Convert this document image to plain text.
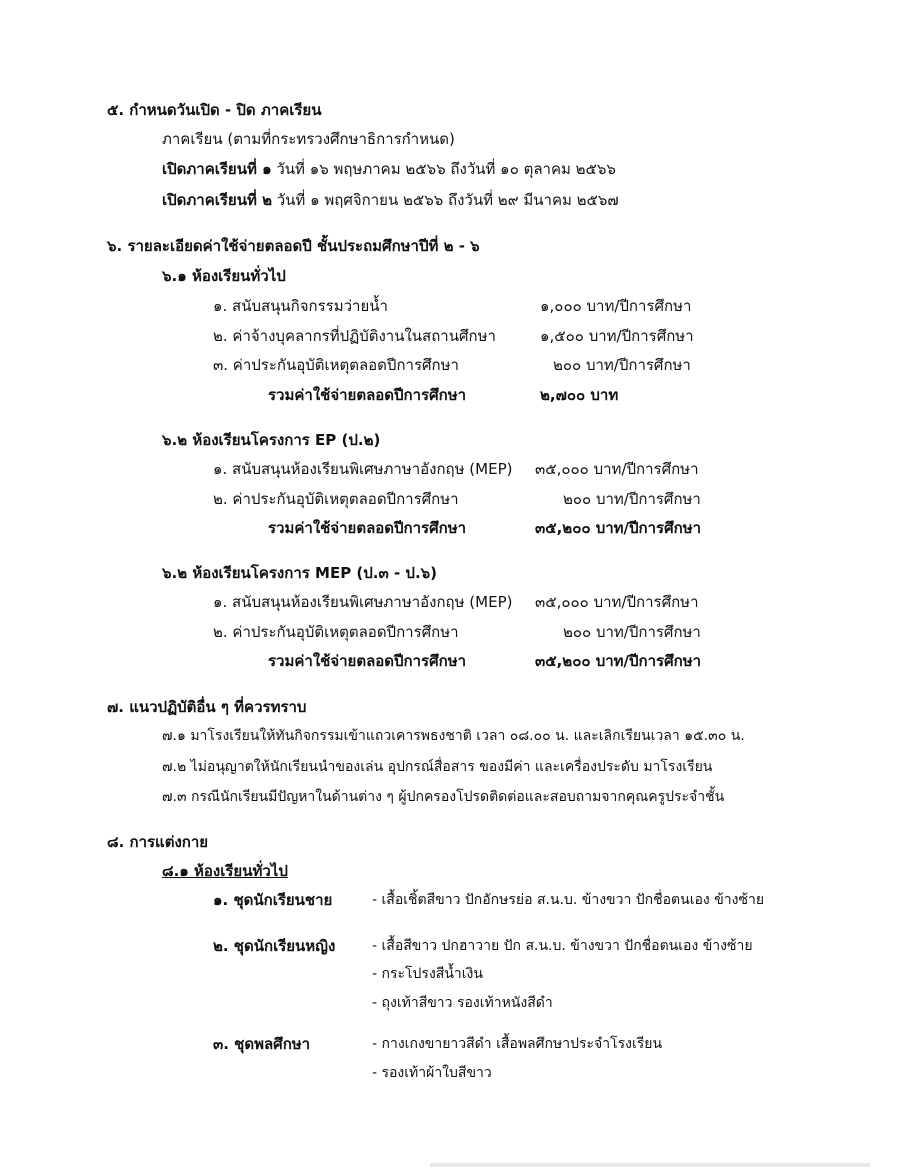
๕. กำหนดวันเปิด - ปิด ภาคเรียน
ภาคเรียน (ตามที่กระทรวงศึกษาธิการกำหนด)
เปิดภาคเรียนที่ ๑ วันที่ ๑๖ พฤษภาคม ๒๕๖๖ ถึงวันที่ ๑๐ ตุลาคม ๒๕๖๖
เปิดภาคเรียนที่ ๒ วันที่ ๑ พฤศจิกายน ๒๕๖๖ ถึงวันที่ ๒๙ มีนาคม ๒๕๖๗
๖. รายละเอียดค่าใช้จ่ายตลอดปี ชั้นประถมศึกษาปีที่ ๒ - ๖
๖.๑ ห้องเรียนทั่วไป
๑. สนับสนุนกิจกรรมว่ายน้ำ	๑,๐๐๐ บาท/ปีการศึกษา
๒. ค่าจ้างบุคลากรที่ปฏิบัติงานในสถานศึกษา	๑,๕๐๐ บาท/ปีการศึกษา
๓. ค่าประกันอุบัติเหตุตลอดปีการศึกษา	๒๐๐ บาท/ปีการศึกษา
รวมค่าใช้จ่ายตลอดปีการศึกษา	๒,๗๐๐ บาท
๖.๒ ห้องเรียนโครงการ EP (ป.๒)
๑. สนับสนุนห้องเรียนพิเศษภาษาอังกฤษ (MEP) ๓๕,๐๐๐ บาท/ปีการศึกษา
๒. ค่าประกันอุบัติเหตุตลอดปีการศึกษา	๒๐๐ บาท/ปีการศึกษา
รวมค่าใช้จ่ายตลอดปีการศึกษา	๓๕,๒๐๐ บาท/ปีการศึกษา
๖.๒ ห้องเรียนโครงการ MEP (ป.๓ - ป.๖)
๑. สนับสนุนห้องเรียนพิเศษภาษาอังกฤษ (MEP) ๓๕,๐๐๐ บาท/ปีการศึกษา
๒. ค่าประกันอุบัติเหตุตลอดปีการศึกษา	๒๐๐ บาท/ปีการศึกษา
รวมค่าใช้จ่ายตลอดปีการศึกษา	๓๕,๒๐๐ บาท/ปีการศึกษา
๗. แนวปฏิบัติอื่น ๆ ที่ควรทราบ
๗.๑ มาโรงเรียนให้ทันกิจกรรมเข้าแถวเคารพธงชาติ เวลา ๐๘.๐๐ น. และเลิกเรียนเวลา ๑๕.๓๐ น.
๗.๒ ไม่อนุญาตให้นักเรียนนำของเล่น อุปกรณ์สื่อสาร ของมีค่า และเครื่องประดับ มาโรงเรียน
๗.๓ กรณีนักเรียนมีปัญหาในด้านต่าง ๆ ผู้ปกครองโปรดติดต่อและสอบถามจากคุณครูประจำชั้น
๘. การแต่งกาย
๘.๑ ห้องเรียนทั่วไป
๑. ชุดนักเรียนชาย	- เสื้อเชิ้ตสีขาว ปักอักษรย่อ ส.น.บ. ข้างขวา ปักชื่อตนเอง ข้างซ้าย
๒. ชุดนักเรียนหญิง	- เสื้อสีขาว ปกฮาวาย ปัก ส.น.บ. ข้างขวา ปักชื่อตนเอง ข้างซ้าย
- กระโปรงสีน้ำเงิน
- ถุงเท้าสีขาว รองเท้าหนังสีดำ
๓. ชุดพลศึกษา	- กางเกงขายาวสีดำ เสื้อพลศึกษาประจำโรงเรียน
- รองเท้าผ้าใบสีขาว
